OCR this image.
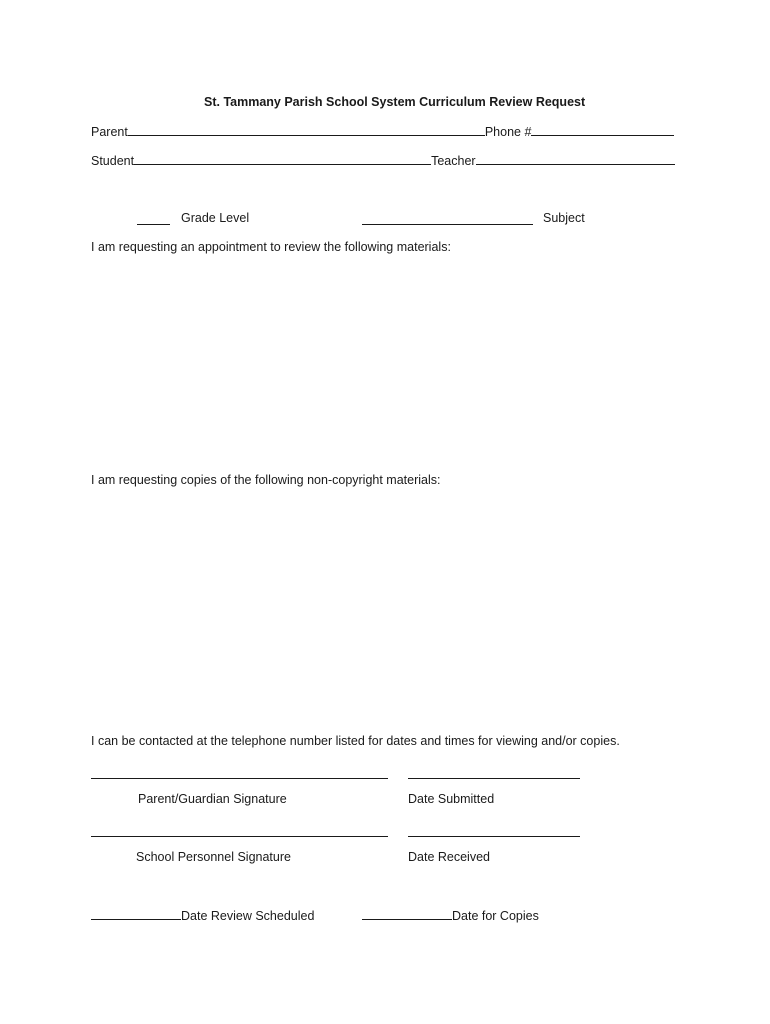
St. Tammany Parish School System Curriculum Review Request
Parent	Phone #
Student	Teacher
Grade Level	Subject
I am requesting an appointment to review the following materials:
I am requesting copies of the following non-copyright materials:
I can be contacted at the telephone number listed for dates and times for viewing and/or copies.
Parent/Guardian Signature	Date Submitted
School Personnel Signature	Date Received
Date Review Scheduled	Date for Copies
